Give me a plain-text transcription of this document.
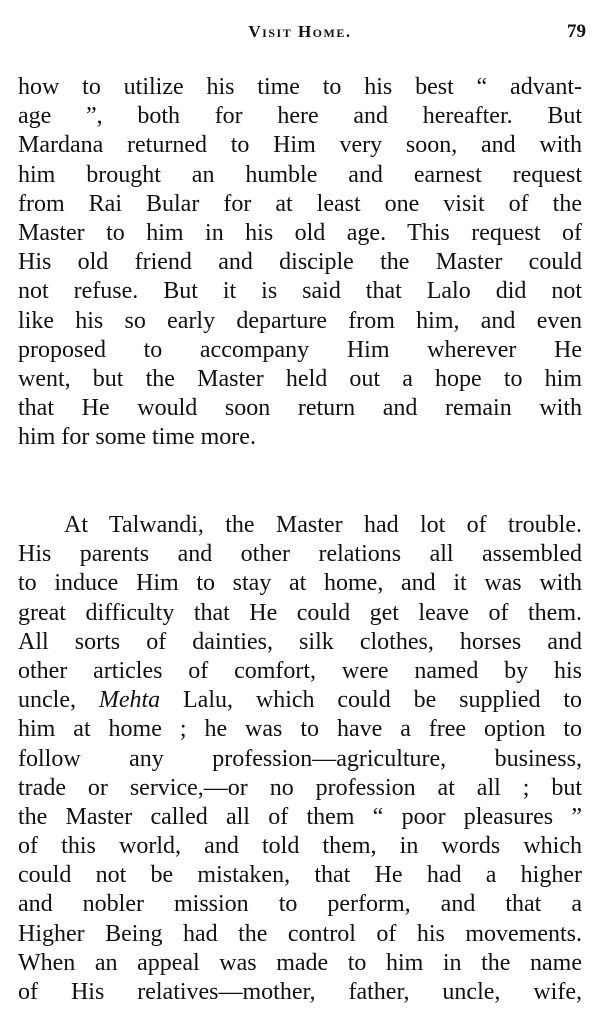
Visit Home.	79
how to utilize his time to his best “ advant-
age ”, both for here and hereafter. But
Mardana returned to Him very soon, and with
him brought an humble and earnest request
from Rai Bular for at least one visit of the
Master to him in his old age. This request of
His old friend and disciple the Master could
not refuse. But it is said that Lalo did not
like his so early departure from him, and even
proposed to accompany Him wherever He
went, but the Master held out a hope to him
that He would soon return and remain with
him for some time more.
At Talwandi, the Master had lot of trouble.
His parents and other relations all assembled
to induce Him to stay at home, and it was with
great difficulty that He could get leave of them.
All sorts of dainties, silk clothes, horses and
other articles of comfort, were named by his
uncle, Mehta Lalu, which could be supplied to
him at home ; he was to have a free option to
follow any profession—agriculture, business,
trade or service,—or no profession at all ; but
the Master called all of them “ poor pleasures ”
of this world, and told them, in words which
could not be mistaken, that He had a higher
and nobler mission to perform, and that a
Higher Being had the control of his movements.
When an appeal was made to him in the name
of His relatives—mother, father, uncle, wife,
